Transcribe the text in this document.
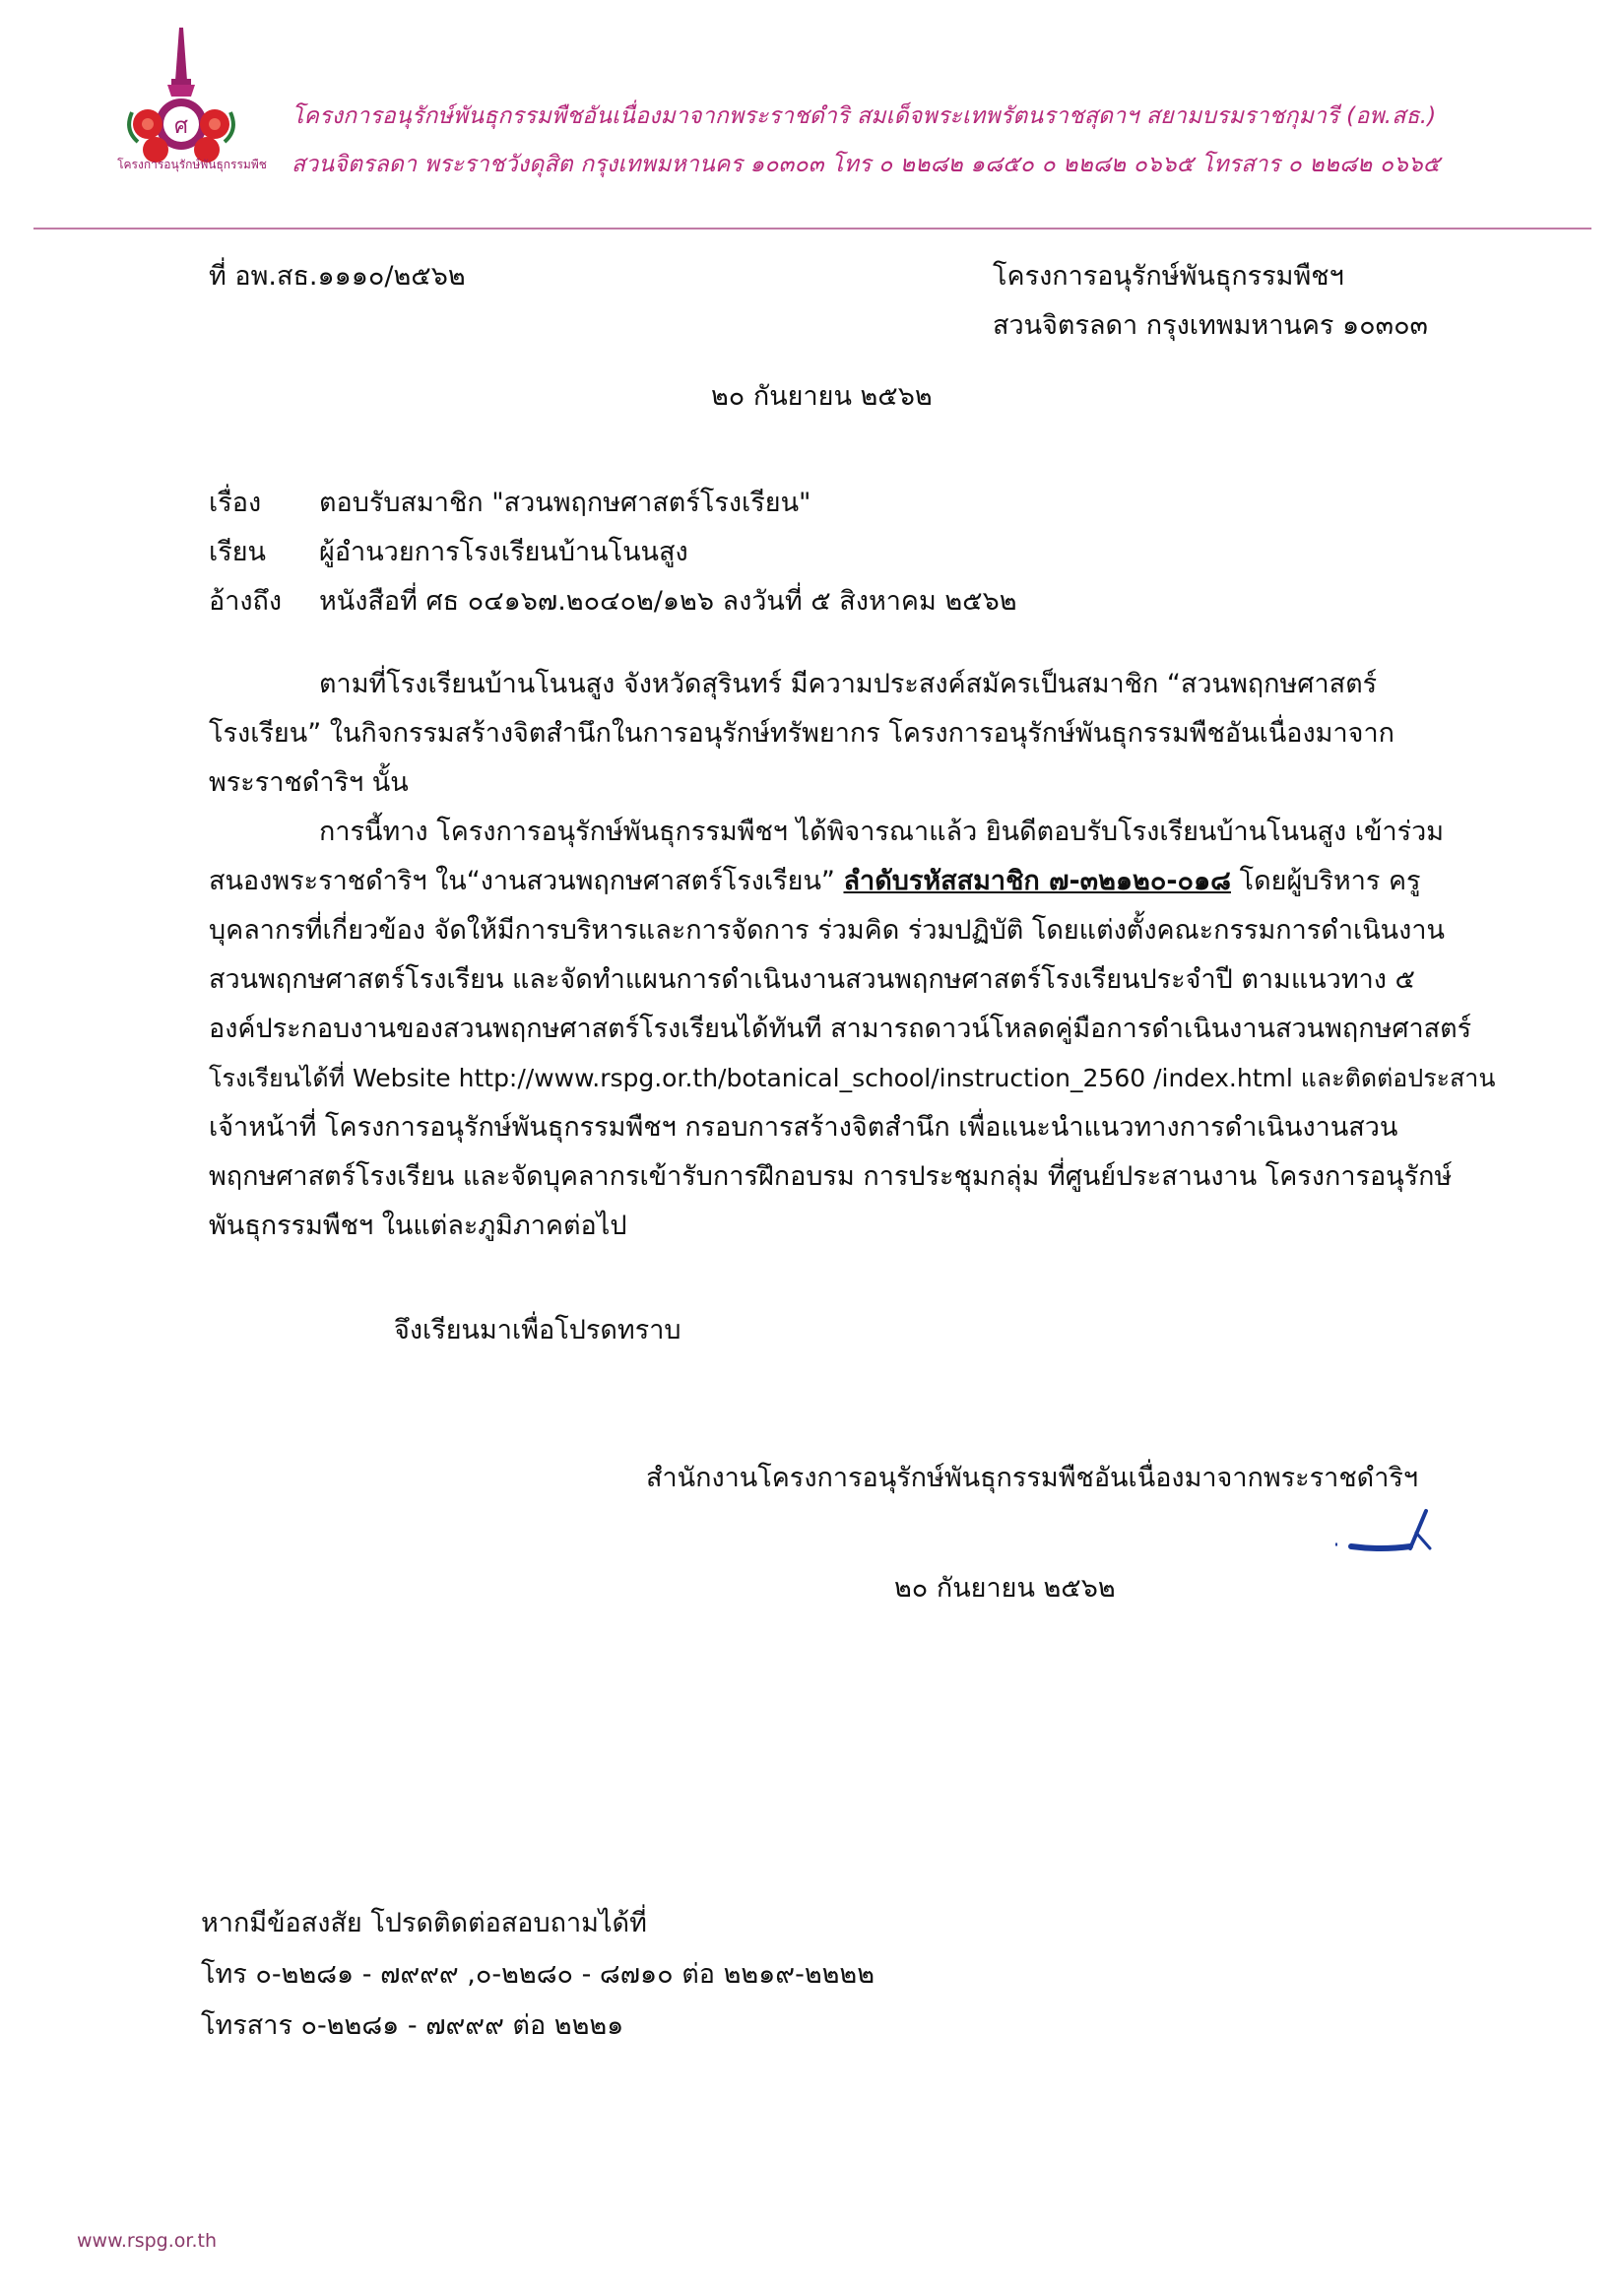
ศ
โครงการอนุรักษ์พันธุกรรมพืช
โครงการอนุรักษ์พันธุกรรมพืชอันเนื่องมาจากพระราชดำริ สมเด็จพระเทพรัตนราชสุดาฯ สยามบรมราชกุมารี (อพ.สธ.)
สวนจิตรลดา พระราชวังดุสิต กรุงเทพมหานคร ๑๐๓๐๓ โทร ๐ ๒๒๘๒ ๑๘๕๐ ๐ ๒๒๘๒ ๐๖๖๕ โทรสาร ๐ ๒๒๘๒ ๐๖๖๕
ที่ อพ.สธ.๑๑๑๐/๒๕๖๒	โครงการอนุรักษ์พันธุกรรมพืชฯ
สวนจิตรลดา กรุงเทพมหานคร ๑๐๓๐๓
๒๐ กันยายน ๒๕๖๒
เรื่อง ตอบรับสมาชิก "สวนพฤกษศาสตร์โรงเรียน"
เรียน ผู้อำนวยการโรงเรียนบ้านโนนสูง
อ้างถึง หนังสือที่ ศธ ๐๔๑๖๗.๒๐๔๐๒/๑๒๖ ลงวันที่ ๕ สิงหาคม ๒๕๖๒
ตามที่โรงเรียนบ้านโนนสูง จังหวัดสุรินทร์ มีความประสงค์สมัครเป็นสมาชิก “สวนพฤกษศาสตร์
โรงเรียน” ในกิจกรรมสร้างจิตสำนึกในการอนุรักษ์ทรัพยากร โครงการอนุรักษ์พันธุกรรมพืชอันเนื่องมาจาก
พระราชดำริฯ นั้น
การนี้ทาง โครงการอนุรักษ์พันธุกรรมพืชฯ ได้พิจารณาแล้ว ยินดีตอบรับโรงเรียนบ้านโนนสูง เข้าร่วม
สนองพระราชดำริฯ ใน“งานสวนพฤกษศาสตร์โรงเรียน” ลำดับรหัสสมาชิก ๗-๓๒๑๒๐-๐๑๘ โดยผู้บริหาร ครู
บุคลากรที่เกี่ยวข้อง จัดให้มีการบริหารและการจัดการ ร่วมคิด ร่วมปฏิบัติ โดยแต่งตั้งคณะกรรมการดำเนินงาน
สวนพฤกษศาสตร์โรงเรียน และจัดทำแผนการดำเนินงานสวนพฤกษศาสตร์โรงเรียนประจำปี ตามแนวทาง ๕
องค์ประกอบงานของสวนพฤกษศาสตร์โรงเรียนได้ทันที สามารถดาวน์โหลดคู่มือการดำเนินงานสวนพฤกษศาสตร์
โรงเรียนได้ที่ Website http://www.rspg.or.th/botanical_school/instruction_2560 /index.html และติดต่อประสาน
เจ้าหน้าที่ โครงการอนุรักษ์พันธุกรรมพืชฯ กรอบการสร้างจิตสำนึก เพื่อแนะนำแนวทางการดำเนินงานสวน
พฤกษศาสตร์โรงเรียน และจัดบุคลากรเข้ารับการฝึกอบรม การประชุมกลุ่ม ที่ศูนย์ประสานงาน โครงการอนุรักษ์
พันธุกรรมพืชฯ ในแต่ละภูมิภาคต่อไป
จึงเรียนมาเพื่อโปรดทราบ
สำนักงานโครงการอนุรักษ์พันธุกรรมพืชอันเนื่องมาจากพระราชดำริฯ
๒๐ กันยายน ๒๕๖๒
หากมีข้อสงสัย โปรดติดต่อสอบถามได้ที่
โทร ๐-๒๒๘๑ - ๗๙๙๙ ,๐-๒๒๘๐ - ๘๗๑๐ ต่อ ๒๒๑๙-๒๒๒๒
โทรสาร ๐-๒๒๘๑ - ๗๙๙๙ ต่อ ๒๒๒๑
www.rspg.or.th
